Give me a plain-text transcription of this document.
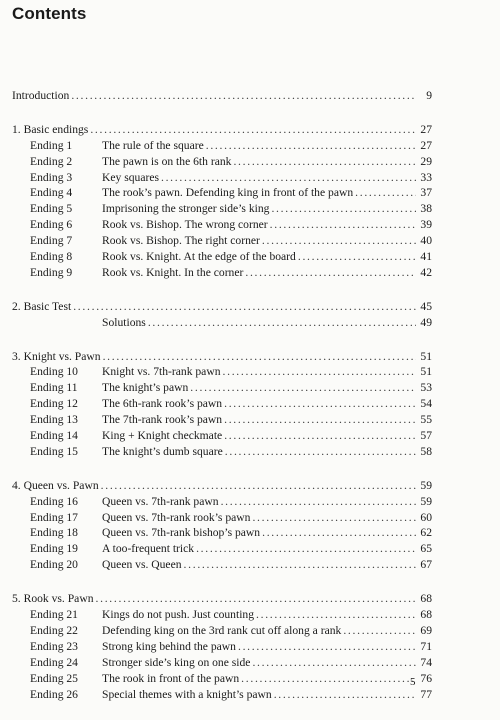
Contents
Introduction . . .	9
1. Basic endings . . .	27
Ending 1	The rule of the square . . .	27
Ending 2	The pawn is on the 6th rank . . .	29
Ending 3	Key squares . . .	33
Ending 4	The rook’s pawn. Defending king in front of the pawn . . .	37
Ending 5	Imprisoning the stronger side’s king . . .	38
Ending 6	Rook vs. Bishop. The wrong corner . . .	39
Ending 7	Rook vs. Bishop. The right corner . . .	40
Ending 8	Rook vs. Knight. At the edge of the board . . .	41
Ending 9	Rook vs. Knight. In the corner . . .	42
2. Basic Test . . .	45
Solutions . . .	49
3. Knight vs. Pawn . . .	51
Ending 10	Knight vs. 7th-rank pawn . . .	51
Ending 11	The knight’s pawn . . .	53
Ending 12	The 6th-rank rook’s pawn . . .	54
Ending 13	The 7th-rank rook’s pawn . . .	55
Ending 14	King + Knight checkmate . . .	57
Ending 15	The knight’s dumb square . . .	58
4. Queen vs. Pawn . . .	59
Ending 16	Queen vs. 7th-rank pawn . . .	59
Ending 17	Queen vs. 7th-rank rook’s pawn . . .	60
Ending 18	Queen vs. 7th-rank bishop’s pawn . . .	62
Ending 19	A too-frequent trick . . .	65
Ending 20	Queen vs. Queen . . .	67
5. Rook vs. Pawn . . .	68
Ending 21	Kings do not push. Just counting . . .	68
Ending 22	Defending king on the 3rd rank cut off along a rank . . .	69
Ending 23	Strong king behind the pawn . . .	71
Ending 24	Stronger side’s king on one side . . .	74
Ending 25	The rook in front of the pawn . . .	76
Ending 26	Special themes with a knight’s pawn . . .	77
5
